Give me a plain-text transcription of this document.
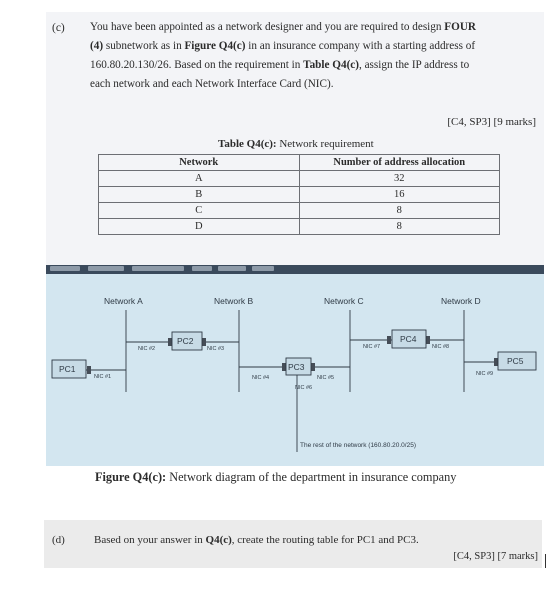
(c) You have been appointed as a network designer and you are required to design FOUR
(4) subnetwork as in Figure Q4(c) in an insurance company with a starting address of
160.80.20.130/26. Based on the requirement in Table Q4(c), assign the IP address to
each network and each Network Interface Card (NIC).
[C4, SP3] [9 marks]
Table Q4(c): Network requirement
Network	Number of address allocation
A	32
B	16
C	8
D	8
Network A	Network B	Network C	Network D
PC1
PC2
PC3
PC4
PC5
NIC #1
NIC #2	NIC #3
NIC #4	NIC #5
NIC #6
NIC #7	NIC #8
NIC #9
The rest of the network (160.80.20.0/25)
Figure Q4(c): Network diagram of the department in insurance company
(d)	Based on your answer in Q4(c), create the routing table for PC1 and PC3.
[C4, SP3] [7 marks]
